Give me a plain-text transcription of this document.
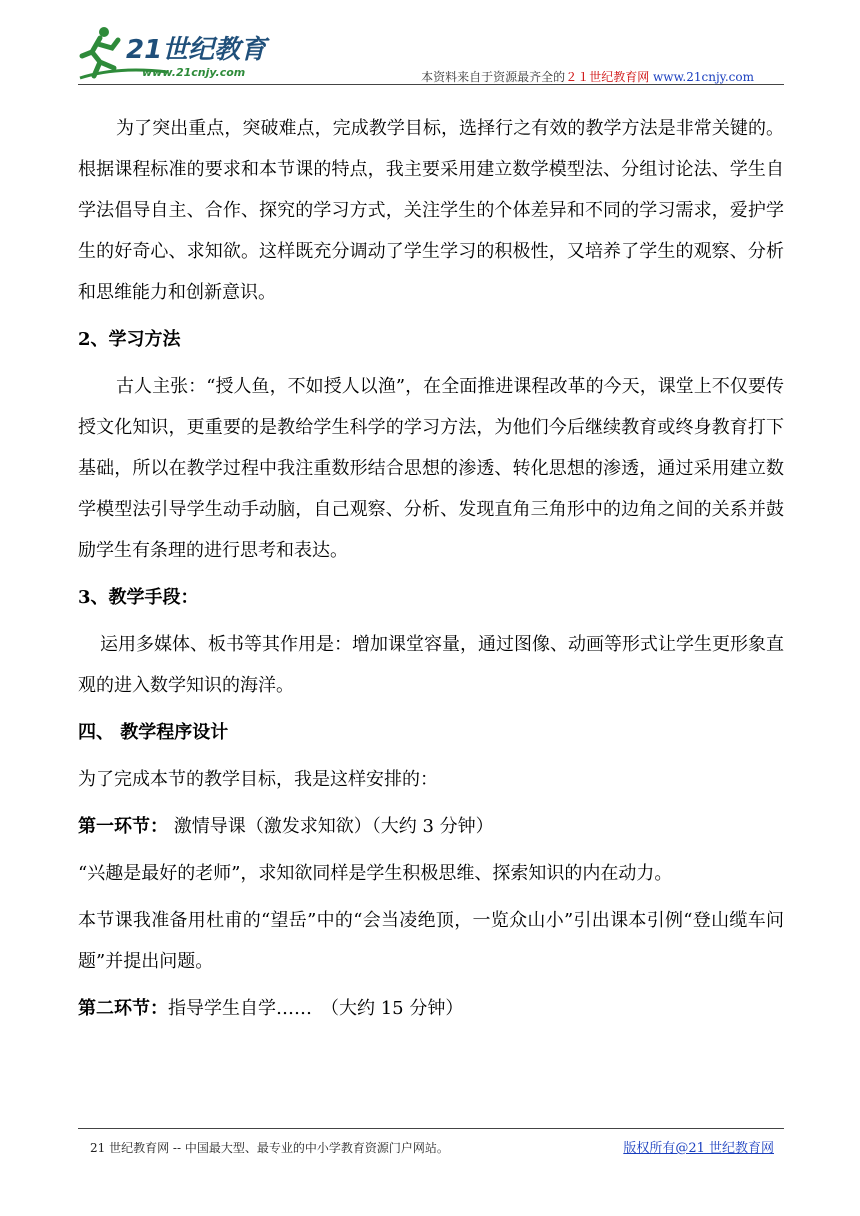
21世纪教育
www.21cnjy.com	本资料来自于资源最齐全的２１世纪教育网 www.21cnjy.com

为了突出重点，突破难点，完成教学目标，选择行之有效的教学方法是非常关键的。根据课程标准的要求和本节课的特点，我主要采用建立数学模型法、分组讨论法、学生自学法倡导自主、合作、探究的学习方式，关注学生的个体差异和不同的学习需求，爱护学生的好奇心、求知欲。这样既充分调动了学生学习的积极性，又培养了学生的观察、分析和思维能力和创新意识。

2、学习方法

古人主张：“授人鱼，不如授人以渔”，在全面推进课程改革的今天，课堂上不仅要传授文化知识，更重要的是教给学生科学的学习方法，为他们今后继续教育或终身教育打下基础，所以在教学过程中我注重数形结合思想的渗透、转化思想的渗透，通过采用建立数学模型法引导学生动手动脑，自己观察、分析、发现直角三角形中的边角之间的关系并鼓励学生有条理的进行思考和表达。

3、教学手段：

运用多媒体、板书等其作用是：增加课堂容量，通过图像、动画等形式让学生更形象直观的进入数学知识的海洋。

四、 教学程序设计

为了完成本节的教学目标，我是这样安排的：

第一环节： 激情导课（激发求知欲）（大约 3 分钟）

“兴趣是最好的老师”，求知欲同样是学生积极思维、探索知识的内在动力。

本节课我准备用杜甫的“望岳”中的“会当凌绝顶，一览众山小”引出课本引例“登山缆车问题”并提出问题。

第二环节：指导学生自学……　（大约 15 分钟）

21 世纪教育网 -- 中国最大型、最专业的中小学教育资源门户网站。	版权所有@21 世纪教育网
